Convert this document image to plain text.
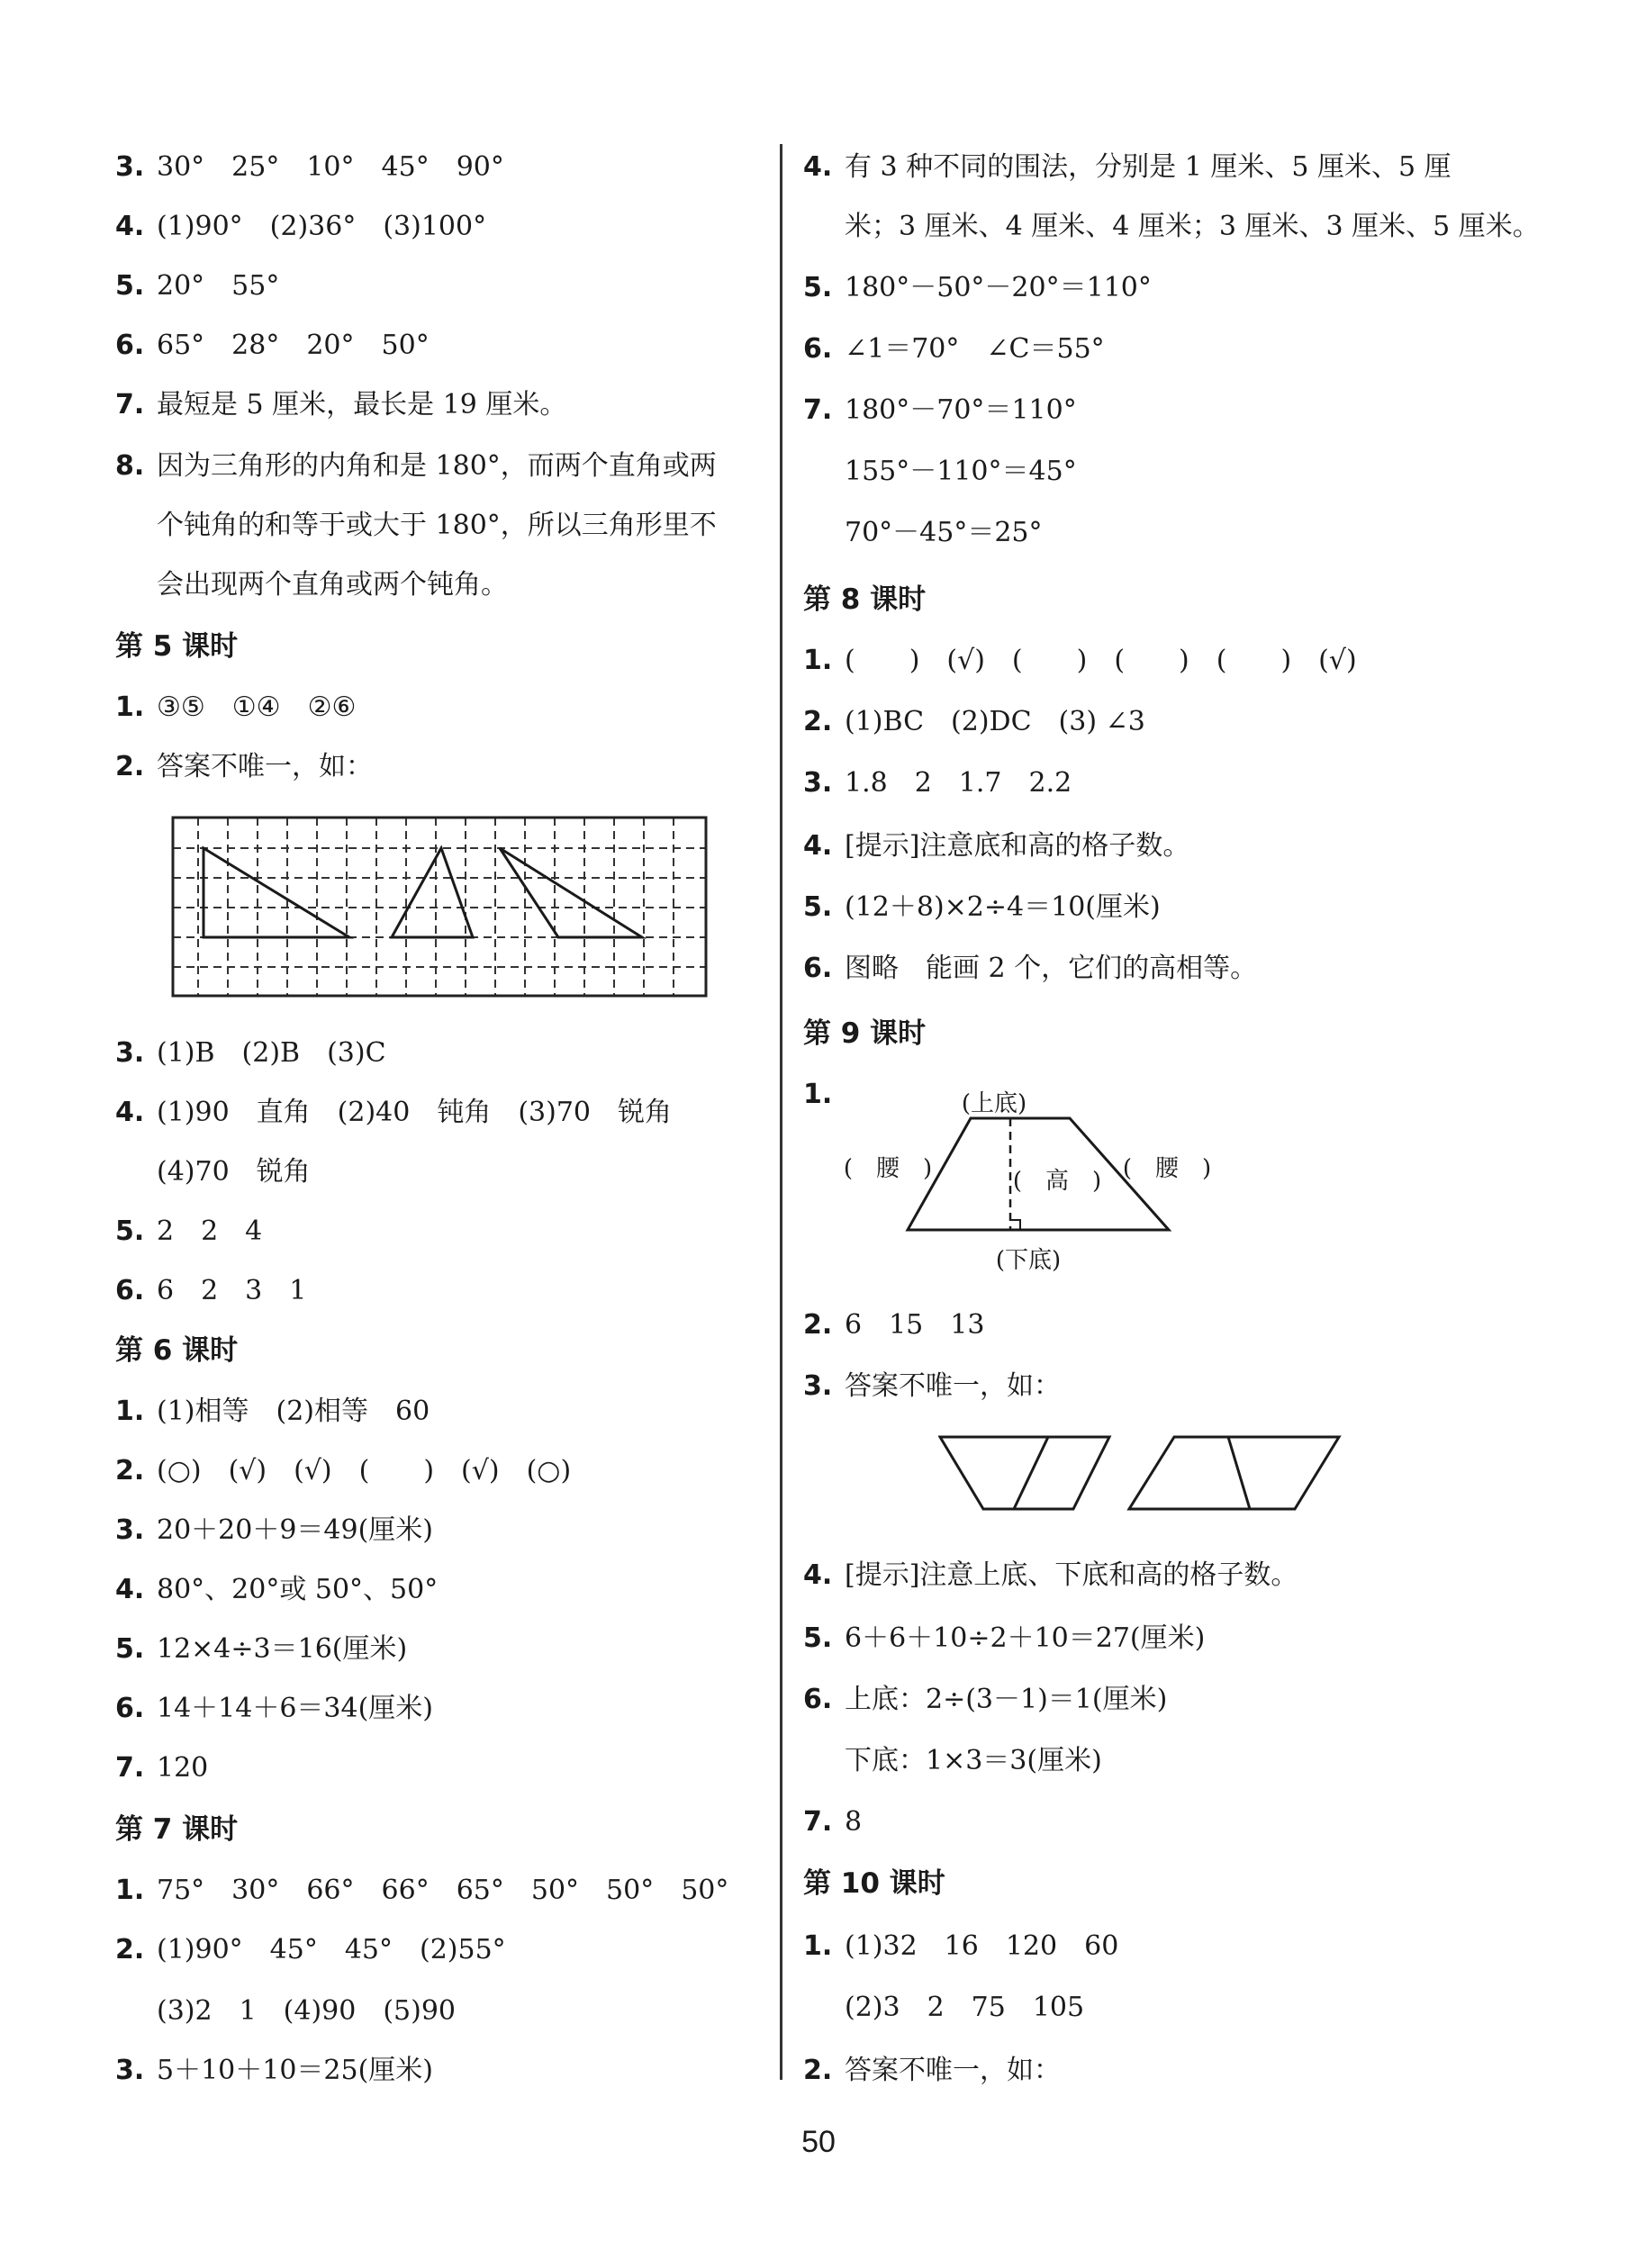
3. 30°　25°　10°　45°　90°
4. (1)90°　(2)36°　(3)100°
5. 20°　55°
6. 65°　28°　20°　50°
7. 最短是 5 厘米，最长是 19 厘米。
8. 因为三角形的内角和是 180°，而两个直角或两
个钝角的和等于或大于 180°，所以三角形里不
会出现两个直角或两个钝角。
第 5 课时
1. ③⑤　①④　②⑥
2. 答案不唯一，如：
3. (1)B　(2)B　(3)C
4. (1)90　直角　(2)40　钝角　(3)70　锐角
(4)70　锐角
5. 2　2　4
6. 6　2　3　1
第 6 课时
1. (1)相等　(2)相等　60
2. (○)　(√)　(√)　(　　)　(√)　(○)
3. 20＋20＋9＝49(厘米)
4. 80°、20°或 50°、50°
5. 12×4÷3＝16(厘米)
6. 14＋14＋6＝34(厘米)
7. 120
第 7 课时
1. 75°　30°　66°　66°　65°　50°　50°　50°
2. (1)90°　45°　45°　(2)55°
(3)2　1　(4)90　(5)90
3. 5＋10＋10＝25(厘米)
4. 有 3 种不同的围法，分别是 1 厘米、5 厘米、5 厘
米；3 厘米、4 厘米、4 厘米；3 厘米、3 厘米、5 厘米。
5. 180°－50°－20°＝110°
6. ∠1＝70°　∠C＝55°
7. 180°－70°＝110°
155°－110°＝45°
70°－45°＝25°
第 8 课时
1. (　　)　(√)　(　　)　(　　)　(　　)　(√)
2. (1)BC　(2)DC　(3) ∠3
3. 1.8　2　1.7　2.2
4. [提示]注意底和高的格子数。
5. (12＋8)×2÷4＝10(厘米)
6. 图略　能画 2 个，它们的高相等。
第 9 课时
1.	(上底)
(　腰　)	(　高　) (　腰　)
(下底)
2. 6　15　13
3. 答案不唯一，如：
4. [提示]注意上底、下底和高的格子数。
5. 6＋6＋10÷2＋10＝27(厘米)
6. 上底：2÷(3－1)＝1(厘米)
下底：1×3＝3(厘米)
7. 8
第 10 课时
1. (1)32　16　120　60
(2)3　2　75　105
2. 答案不唯一，如：
50
